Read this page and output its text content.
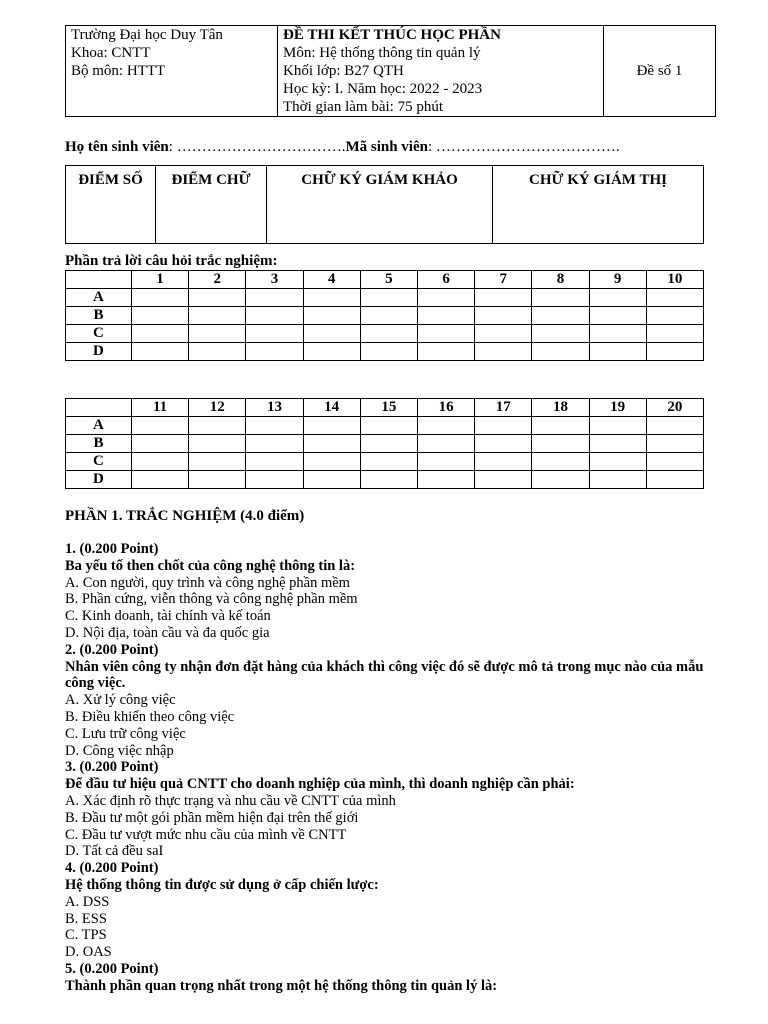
Trường Đại học Duy Tân
Khoa: CNTT
Bộ môn: HTTT

ĐỀ THI KẾT THÚC HỌC PHẦN
Môn: Hệ thống thông tin quản lý
Khối lớp: B27 QTH
Học kỳ: I. Năm học: 2022 - 2023
Thời gian làm bài: 75 phút
	Đề số 1
Họ tên sinh viên: …………………………….Mã sinh viên: ……………………………….
ĐIỂM SỐ	ĐIỂM CHỮ	CHỮ KÝ GIÁM KHẢO	CHỮ KÝ GIÁM THỊ
Phần trả lời câu hỏi trắc nghiệm:
	1	2	3	4	5	6	7	8	9	10
A										
B										
C										
D										
	11	12	13	14	15	16	17	18	19	20
A										
B										
C										
D										
PHẦN 1. TRẮC NGHIỆM (4.0 điểm)
1. (0.200 Point)
Ba yếu tố then chốt của công nghệ thông tin là:
A. Con người, quy trình và công nghệ phần mềm
B. Phần cứng, viễn thông và công nghệ phần mềm
C. Kinh doanh, tài chính và kế toán
D. Nội địa, toàn cầu và đa quốc gia
2. (0.200 Point)
Nhân viên công ty nhận đơn đặt hàng của khách thì công việc đó sẽ được mô tả trong mục nào của mẫu công việc.
A. Xử lý công việc
B. Điều khiển theo công việc
C. Lưu trữ công việc
D. Công việc nhập
3. (0.200 Point)
Để đầu tư hiệu quả CNTT cho doanh nghiệp của mình, thì doanh nghiệp cần phải:
A. Xác định rõ thực trạng và nhu cầu về CNTT của mình
B. Đầu tư một gói phần mềm hiện đại trên thế giới
C. Đầu tư vượt mức nhu cầu của mình về CNTT
D. Tất cả đều saI
4. (0.200 Point)
Hệ thống thông tin được sử dụng ở cấp chiến lược:
A. DSS
B. ESS
C. TPS
D. OAS
5. (0.200 Point)
Thành phần quan trọng nhất trong một hệ thống thông tin quản lý là:
